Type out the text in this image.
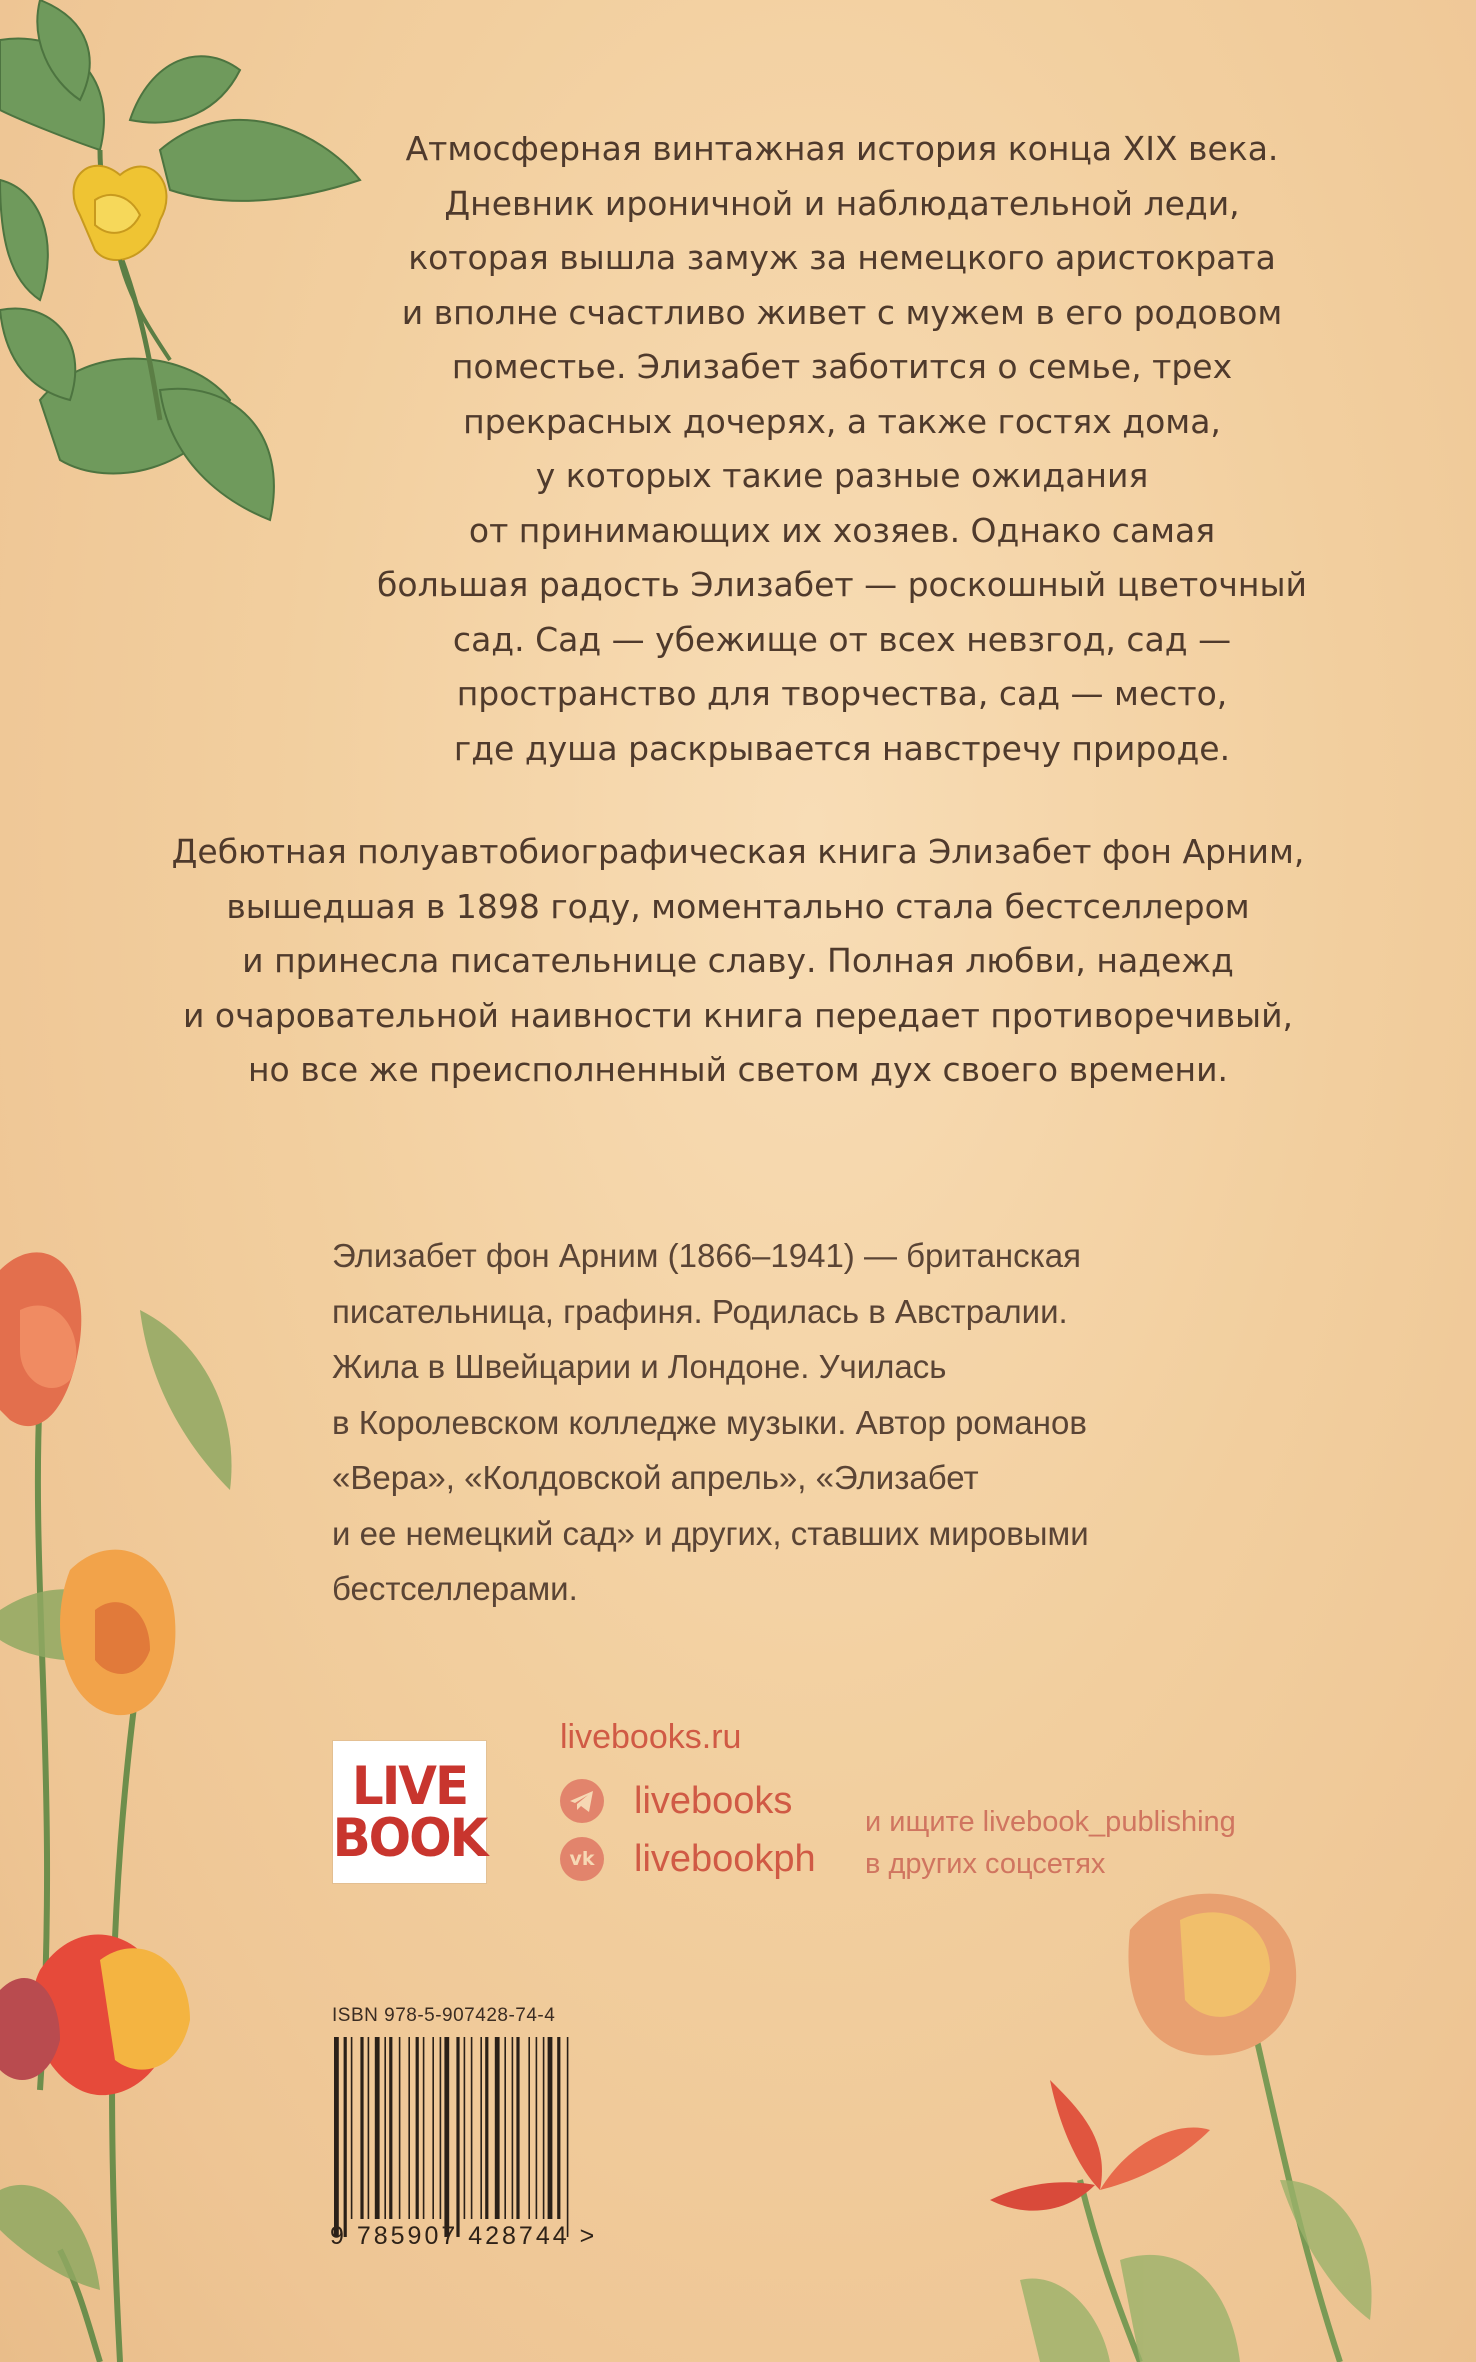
Атмосферная винтажная история конца XIX века.
Дневник ироничной и наблюдательной леди,
которая вышла замуж за немецкого аристократа
и вполне счастливо живет с мужем в его родовом
поместье. Элизабет заботится о семье, трех
прекрасных дочерях, а также гостях дома,
у которых такие разные ожидания
от принимающих их хозяев. Однако самая
большая радость Элизабет — роскошный цветочный
сад. Сад — убежище от всех невзгод, сад —
пространство для творчества, сад — место,
где душа раскрывается навстречу природе.

Дебютная полуавтобиографическая книга Элизабет фон Арним,
вышедшая в 1898 году, моментально стала бестселлером
и принесла писательнице славу. Полная любви, надежд
и очаровательной наивности книга передает противоречивый,
но все же преисполненный светом дух своего времени.

Элизабет фон Арним (1866–1941) — британская
писательница, графиня. Родилась в Австралии.
Жила в Швейцарии и Лондоне. Училась
в Королевском колледже музыки. Автор романов
«Вера», «Колдовской апрель», «Элизабет
и ее немецкий сад» и других, ставших мировыми
бестселлерами.

LIVE
BOOK
livebooks.ru
livebooks
vk livebookph
и ищите livebook_publishing
в других соцсетях
ISBN 978-5-907428-74-4
9 785907 428744 >
